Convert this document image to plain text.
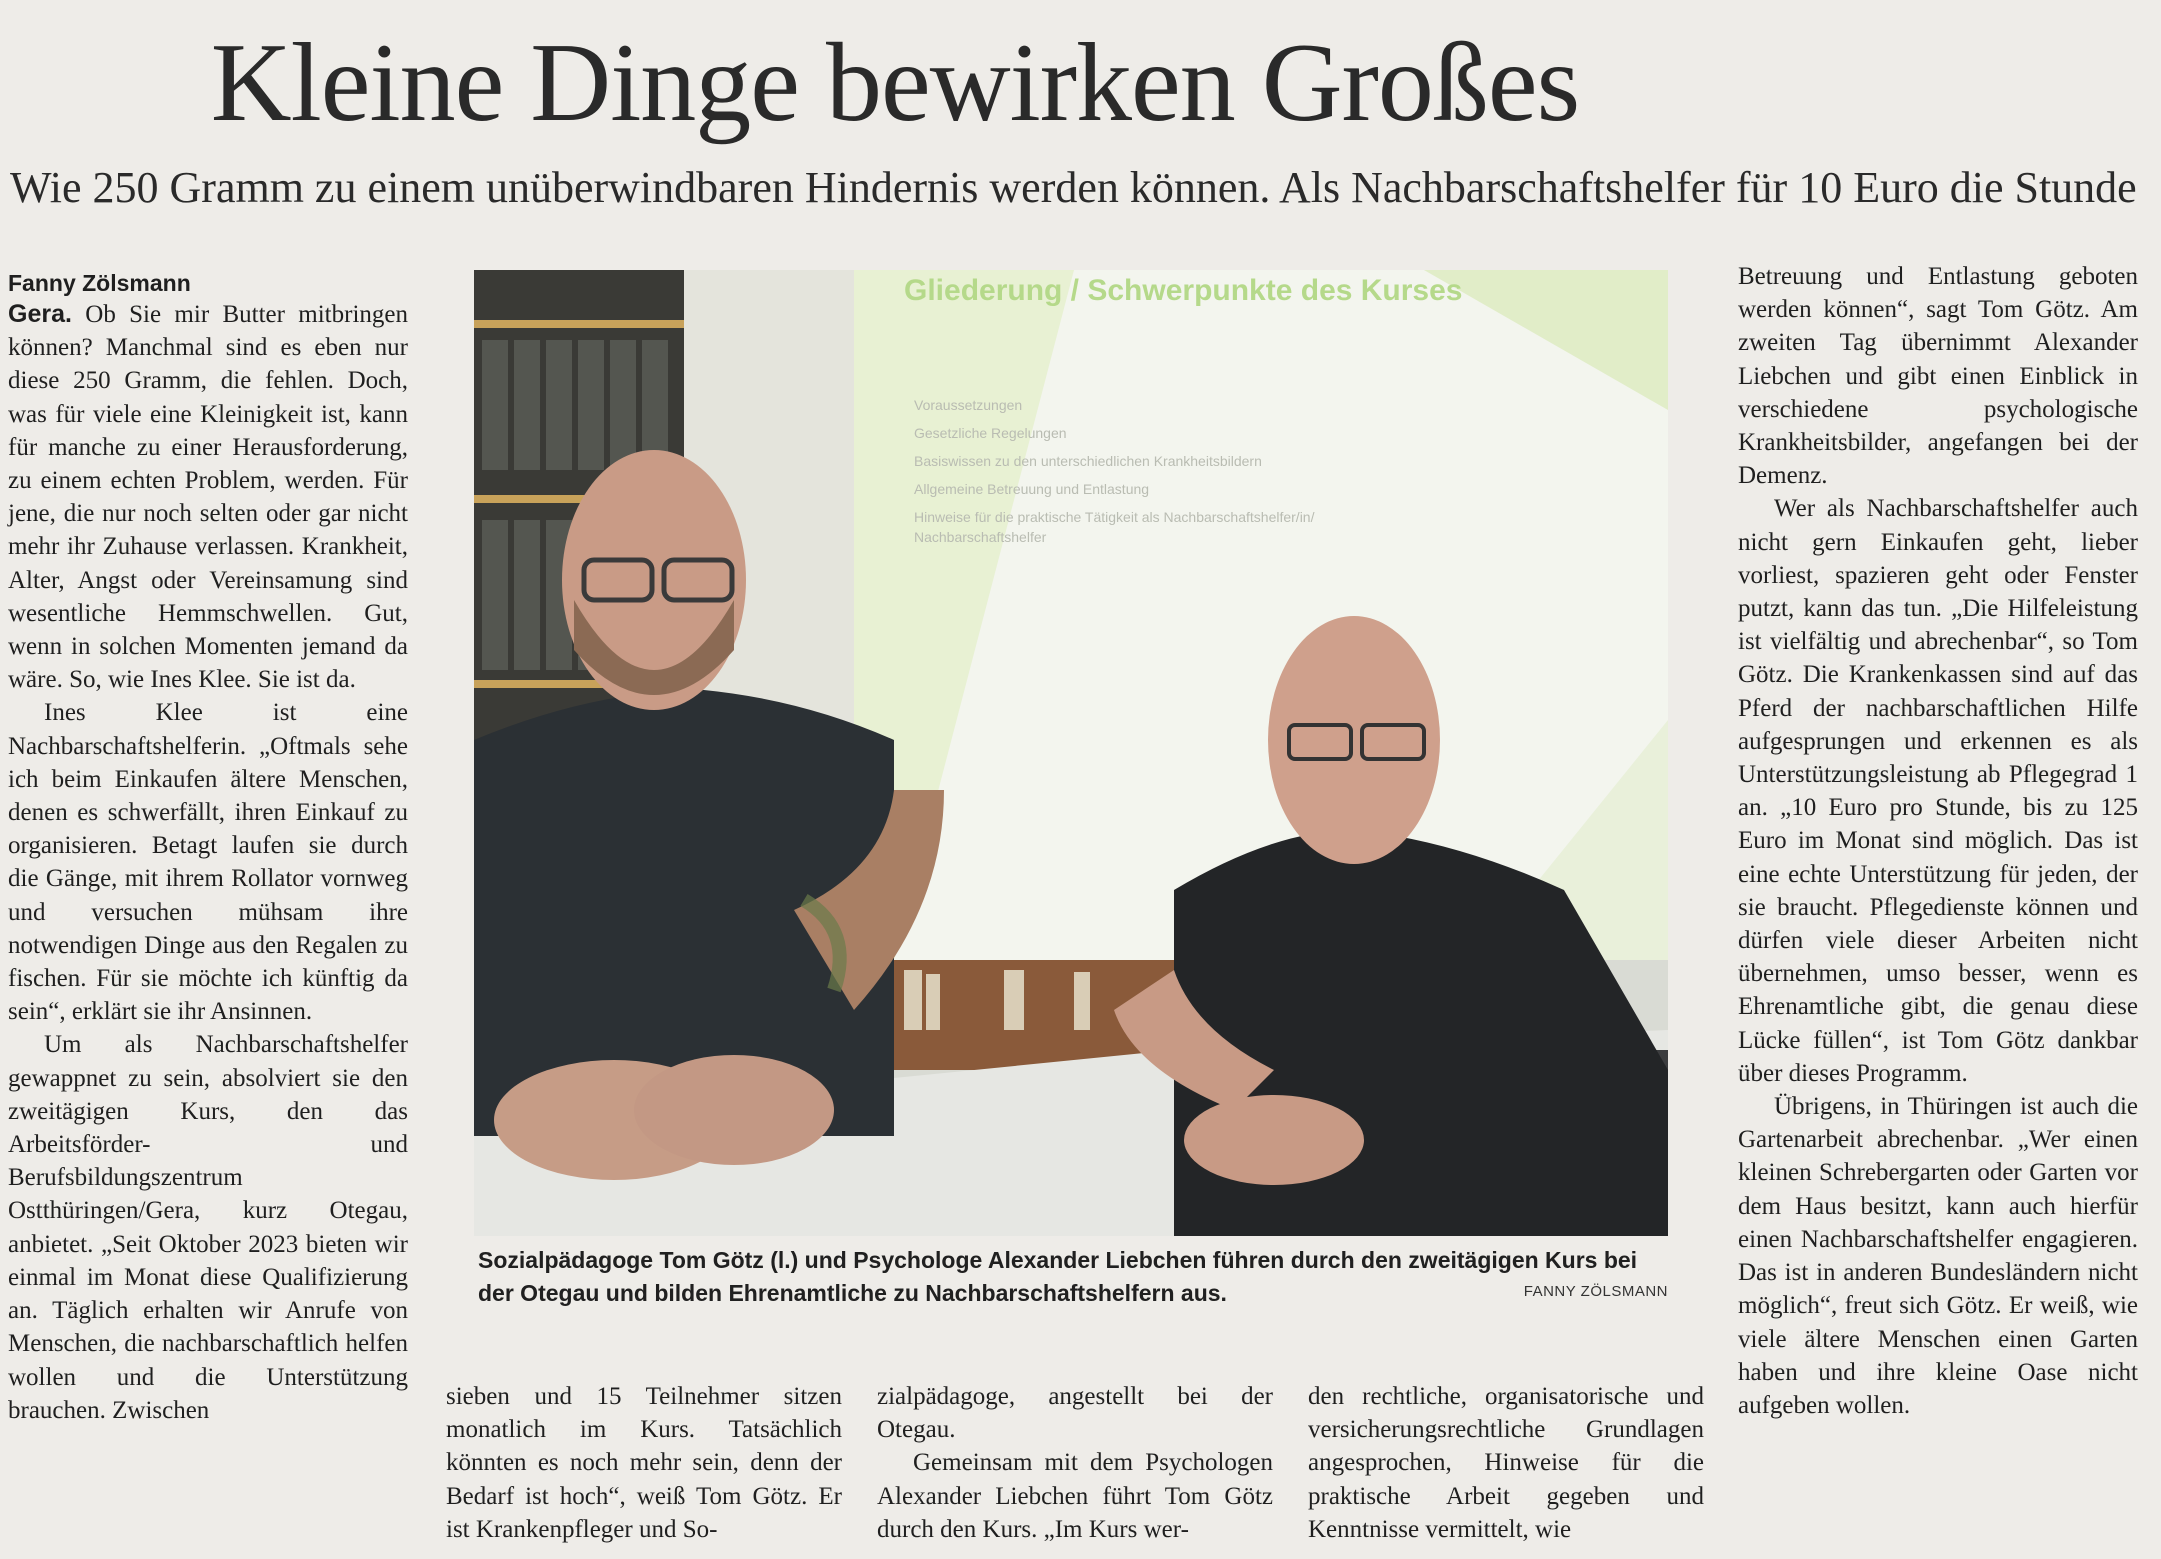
Kleine Dinge bewirken Großes
Wie 250 Gramm zu einem unüberwindbaren Hindernis werden können. Als Nachbarschaftshelfer für 10 Euro die Stunde

Fanny Zölsmann

Gera. Ob Sie mir Butter mitbringen können? Manchmal sind es eben nur diese 250 Gramm, die fehlen. Doch, was für viele eine Kleinigkeit ist, kann für manche zu einer Herausforderung, zu einem echten Problem, werden. Für jene, die nur noch selten oder gar nicht mehr ihr Zuhause verlassen. Krankheit, Alter, Angst oder Vereinsamung sind wesentliche Hemmschwellen. Gut, wenn in solchen Momenten jemand da wäre. So, wie Ines Klee. Sie ist da.

Ines Klee ist eine Nachbarschaftshelferin. „Oftmals sehe ich beim Einkaufen ältere Menschen, denen es schwerfällt, ihren Einkauf zu organisieren. Betagt laufen sie durch die Gänge, mit ihrem Rollator vornweg und versuchen mühsam ihre notwendigen Dinge aus den Regalen zu fischen. Für sie möchte ich künftig da sein“, erklärt sie ihr Ansinnen.

Um als Nachbarschaftshelfer gewappnet zu sein, absolviert sie den zweitägigen Kurs, den das Arbeitsförder- und Berufsbildungszentrum Ostthüringen/Gera, kurz Otegau, anbietet. „Seit Oktober 2023 bieten wir einmal im Monat diese Qualifizierung an. Täglich erhalten wir Anrufe von Menschen, die nachbarschaftlich helfen wollen und die Unterstützung brauchen. Zwischen

Gliederung / Schwerpunkte des Kurses
Voraussetzungen
Gesetzliche Regelungen
Basiswissen zu den unterschiedlichen Krankheitsbildern
Allgemeine Betreuung und Entlastung
Hinweise für die praktische Tätigkeit als Nachbarschaftshelfer/in/
Nachbarschaftshelfer
Sozialpädagoge Tom Götz (l.) und Psychologe Alexander Liebchen führen durch den zweitägigen Kurs bei der Otegau und bilden Ehrenamtliche zu Nachbarschaftshelfern aus.	FANNY ZÖLSMANN

sieben und 15 Teilnehmer sitzen monatlich im Kurs. Tatsächlich könnten es noch mehr sein, denn der Bedarf ist hoch“, weiß Tom Götz. Er ist Krankenpfleger und So-

zialpädagoge, angestellt bei der Otegau.

Gemeinsam mit dem Psychologen Alexander Liebchen führt Tom Götz durch den Kurs. „Im Kurs wer-

den rechtliche, organisatorische und versicherungsrechtliche Grundlagen angesprochen, Hinweise für die praktische Arbeit gegeben und Kenntnisse vermittelt, wie

Betreuung und Entlastung geboten werden können“, sagt Tom Götz. Am zweiten Tag übernimmt Alexander Liebchen und gibt einen Einblick in verschiedene psychologische Krankheitsbilder, angefangen bei der Demenz.

Wer als Nachbarschaftshelfer auch nicht gern Einkaufen geht, lieber vorliest, spazieren geht oder Fenster putzt, kann das tun. „Die Hilfeleistung ist vielfältig und abrechenbar“, so Tom Götz. Die Krankenkassen sind auf das Pferd der nachbarschaftlichen Hilfe aufgesprungen und erkennen es als Unterstützungsleistung ab Pflegegrad 1 an. „10 Euro pro Stunde, bis zu 125 Euro im Monat sind möglich. Das ist eine echte Unterstützung für jeden, der sie braucht. Pflegedienste können und dürfen viele dieser Arbeiten nicht übernehmen, umso besser, wenn es Ehrenamtliche gibt, die genau diese Lücke füllen“, ist Tom Götz dankbar über dieses Programm.

Übrigens, in Thüringen ist auch die Gartenarbeit abrechenbar. „Wer einen kleinen Schrebergarten oder Garten vor dem Haus besitzt, kann auch hierfür einen Nachbarschaftshelfer engagieren. Das ist in anderen Bundesländern nicht möglich“, freut sich Götz. Er weiß, wie viele ältere Menschen einen Garten haben und ihre kleine Oase nicht aufgeben wollen.
